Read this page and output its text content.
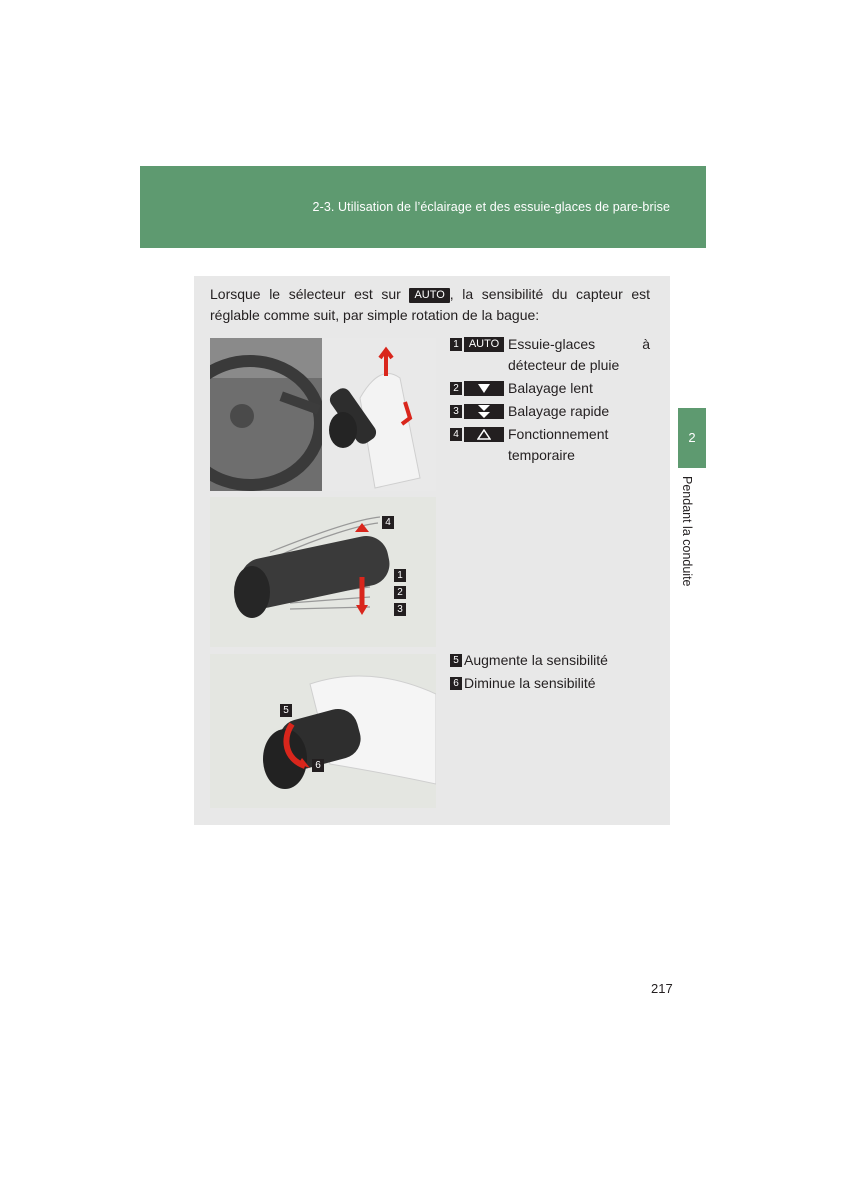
2-3. Utilisation de l’éclairage et des essuie-glaces de pare-brise
2
Pendant la conduite
Lorsque le sélecteur est sur AUTO , la sensibilité du capteur est
réglable comme suit, par simple rotation de la bague:
4
1
2
3
5
6
1 AUTO Essuie-glaces à
détecteur de pluie
2	Balayage lent
3	Balayage rapide
4	Fonctionnement temporaire
5 Augmente la sensibilité
6 Diminue la sensibilité
217
